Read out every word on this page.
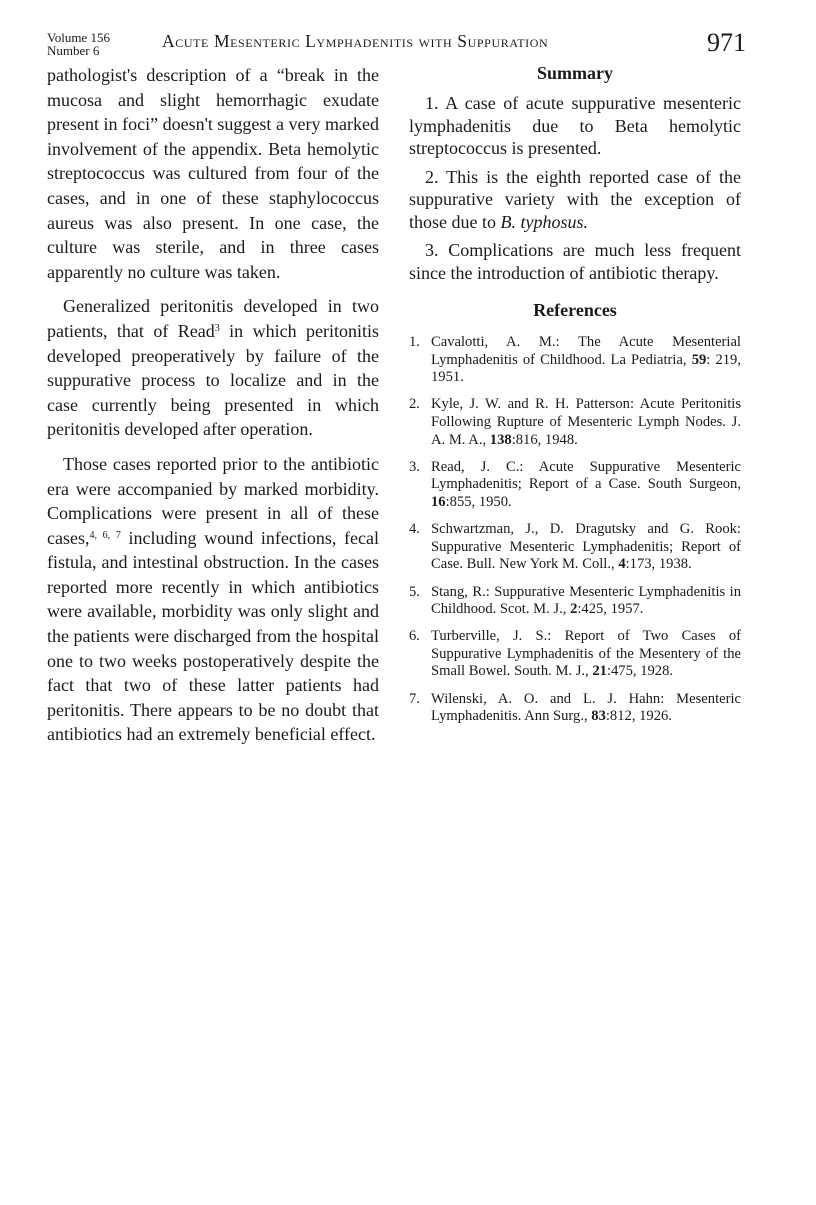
Volume 156
Number 6	Acute Mesenteric Lymphadenitis with Suppuration	971

pathologist's description of a “break in the mucosa and slight hemorrhagic exudate present in foci” doesn't suggest a very marked involvement of the appendix. Beta hemolytic streptococcus was cultured from four of the cases, and in one of these staphylococcus aureus was also present. In one case, the culture was sterile, and in three cases apparently no culture was taken.

Generalized peritonitis developed in two patients, that of Read$^3$ in which peritonitis developed preoperatively by failure of the suppurative process to localize and in the case currently being presented in which peritonitis developed after operation.

Those cases reported prior to the antibiotic era were accompanied by marked morbidity. Complications were present in all of these cases,$^{4, 6, 7}$ including wound infections, fecal fistula, and intestinal obstruction. In the cases reported more recently in which antibiotics were available, morbidity was only slight and the patients were discharged from the hospital one to two weeks postoperatively despite the fact that two of these latter patients had peritonitis. There appears to be no doubt that antibiotics had an extremely beneficial effect.

Summary
1. A case of acute suppurative mesenteric lymphadenitis due to Beta hemolytic streptococcus is presented.
2. This is the eighth reported case of the suppurative variety with the exception of those due to B. typhosus.
3. Complications are much less frequent since the introduction of antibiotic therapy.
References
1. Cavalotti, A. M.: The Acute Mesenterial Lymphadenitis of Childhood. La Pediatria, 59: 219, 1951.
2. Kyle, J. W. and R. H. Patterson: Acute Peritonitis Following Rupture of Mesenteric Lymph Nodes. J. A. M. A., 138:816, 1948.
3. Read, J. C.: Acute Suppurative Mesenteric Lymphadenitis; Report of a Case. South Surgeon, 16:855, 1950.
4. Schwartzman, J., D. Dragutsky and G. Rook: Suppurative Mesenteric Lymphadenitis; Report of Case. Bull. New York M. Coll., 4:173, 1938.
5. Stang, R.: Suppurative Mesenteric Lymphadenitis in Childhood. Scot. M. J., 2:425, 1957.
6. Turberville, J. S.: Report of Two Cases of Suppurative Lymphadenitis of the Mesentery of the Small Bowel. South. M. J., 21:475, 1928.
7. Wilenski, A. O. and L. J. Hahn: Mesenteric Lymphadenitis. Ann Surg., 83:812, 1926.
